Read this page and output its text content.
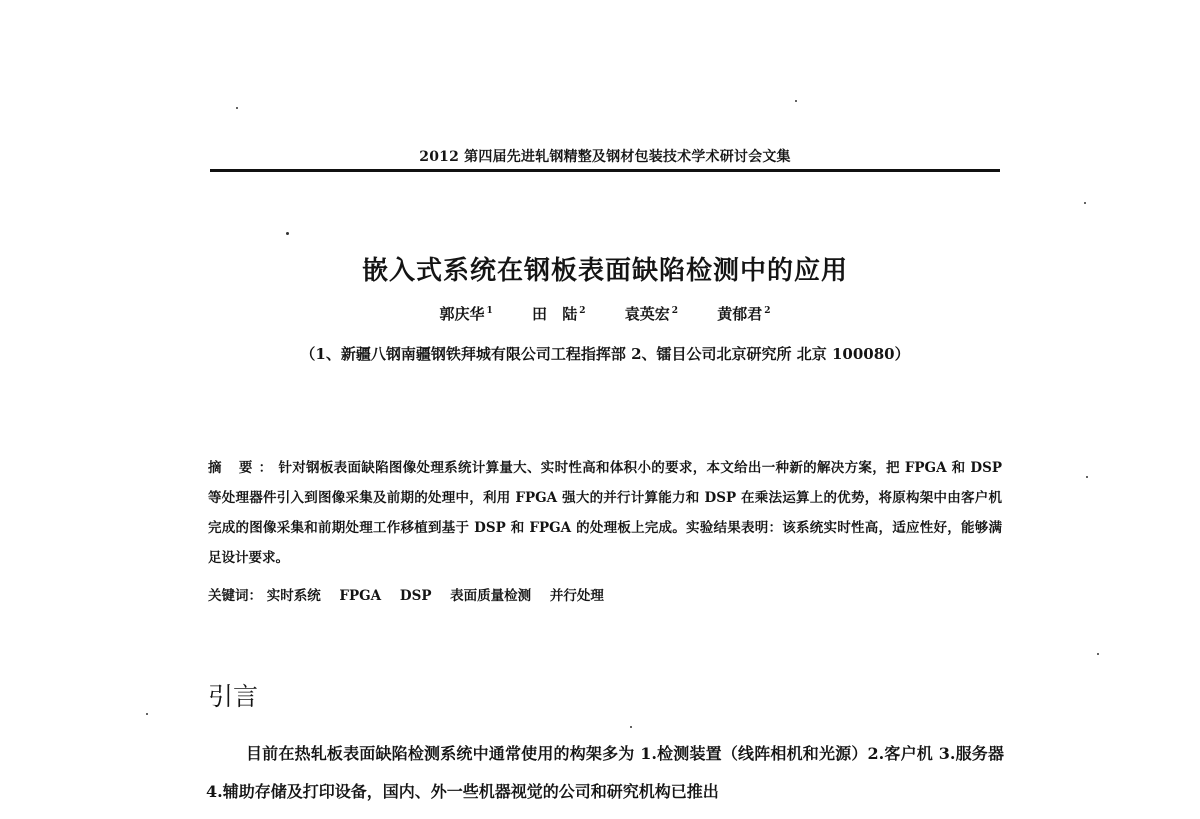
2012 第四届先进轧钢精整及钢材包装技术学术研讨会文集
嵌入式系统在钢板表面缺陷检测中的应用
郭庆华 $^1$	田 陆 $^2$	袁英宏 $^2$	黄郁君 $^2$
（1、新疆八钢南疆钢铁拜城有限公司工程指挥部 2、镭目公司北京研究所 北京 100080）
摘 要：针对钢板表面缺陷图像处理系统计算量大、实时性高和体积小的要求，本文给出一种新的解决方案，把 FPGA 和 DSP 等处理器件引入到图像采集及前期的处理中，利用 FPGA 强大的并行计算能力和 DSP 在乘法运算上的优势，将原构架中由客户机完成的图像采集和前期处理工作移植到基于 DSP 和 FPGA 的处理板上完成。实验结果表明：该系统实时性高，适应性好，能够满足设计要求。
关键词： 实时系统 FPGA DSP 表面质量检测 并行处理
引言
目前在热轧板表面缺陷检测系统中通常使用的构架多为 1.检测装置（线阵相机和光源）2.客户机 3.服务器 4.辅助存储及打印设备，国内、外一些机器视觉的公司和研究机构已推出
